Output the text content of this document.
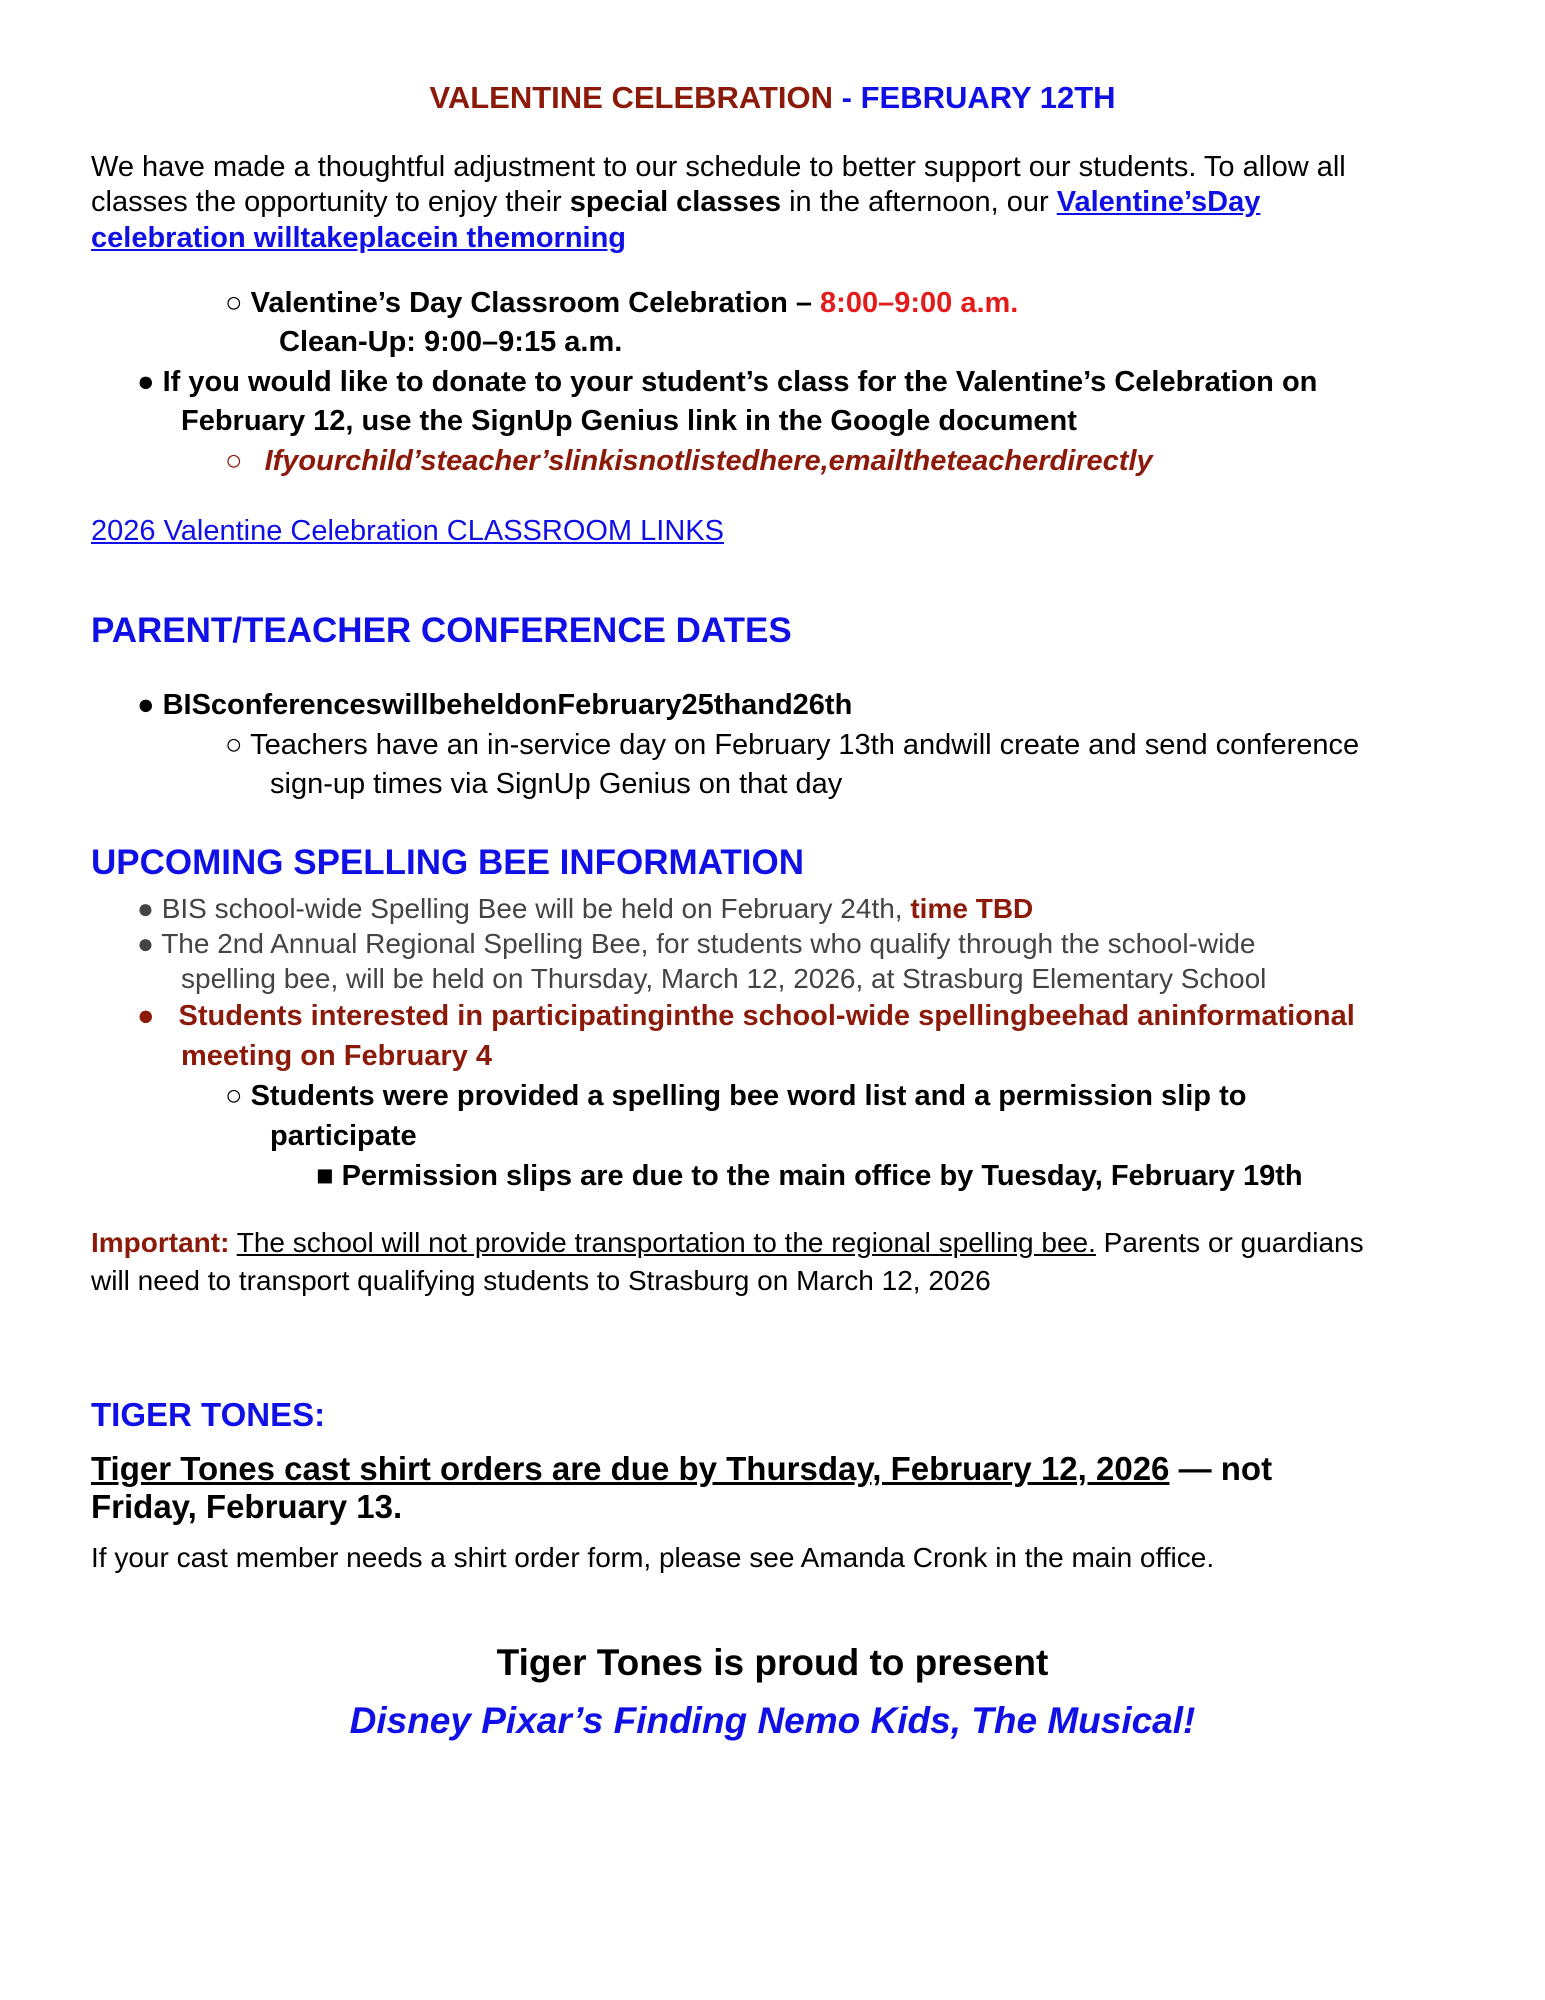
VALENTINE CELEBRATION - FEBRUARY 12TH
We have made a thoughtful adjustment to our schedule to better support our students. To allow all
classes the opportunity to enjoy their special classes in the afternoon, our Valentine’sDay
celebration willtakeplacein themorning
○ Valentine’s Day Classroom Celebration – 8:00–9:00 a.m.
Clean-Up: 9:00–9:15 a.m.
● If you would like to donate to your student’s class for the Valentine’s Celebration on
February 12, use the SignUp Genius link in the Google document
○ Ifyourchild’steacher’slinkisnotlistedhere,emailtheteacherdirectly
2026 Valentine Celebration CLASSROOM LINKS
PARENT/TEACHER CONFERENCE DATES
● BISconferenceswillbeheldonFebruary25thand26th
○ Teachers have an in-service day on February 13th andwill create and send conference
sign-up times via SignUp Genius on that day
UPCOMING SPELLING BEE INFORMATION
● BIS school-wide Spelling Bee will be held on February 24th, time TBD
● The 2nd Annual Regional Spelling Bee, for students who qualify through the school-wide
spelling bee, will be held on Thursday, March 12, 2026, at Strasburg Elementary School
● Students interested in participatinginthe school-wide spellingbeehad aninformational
meeting on February 4
○ Students were provided a spelling bee word list and a permission slip to
participate
■ Permission slips are due to the main office by Tuesday, February 19th
Important: The school will not provide transportation to the regional spelling bee. Parents or guardians
will need to transport qualifying students to Strasburg on March 12, 2026
TIGER TONES:
Tiger Tones cast shirt orders are due by Thursday, February 12, 2026 — not
Friday, February 13.
If your cast member needs a shirt order form, please see Amanda Cronk in the main office.
Tiger Tones is proud to present
Disney Pixar’s Finding Nemo Kids, The Musical!
